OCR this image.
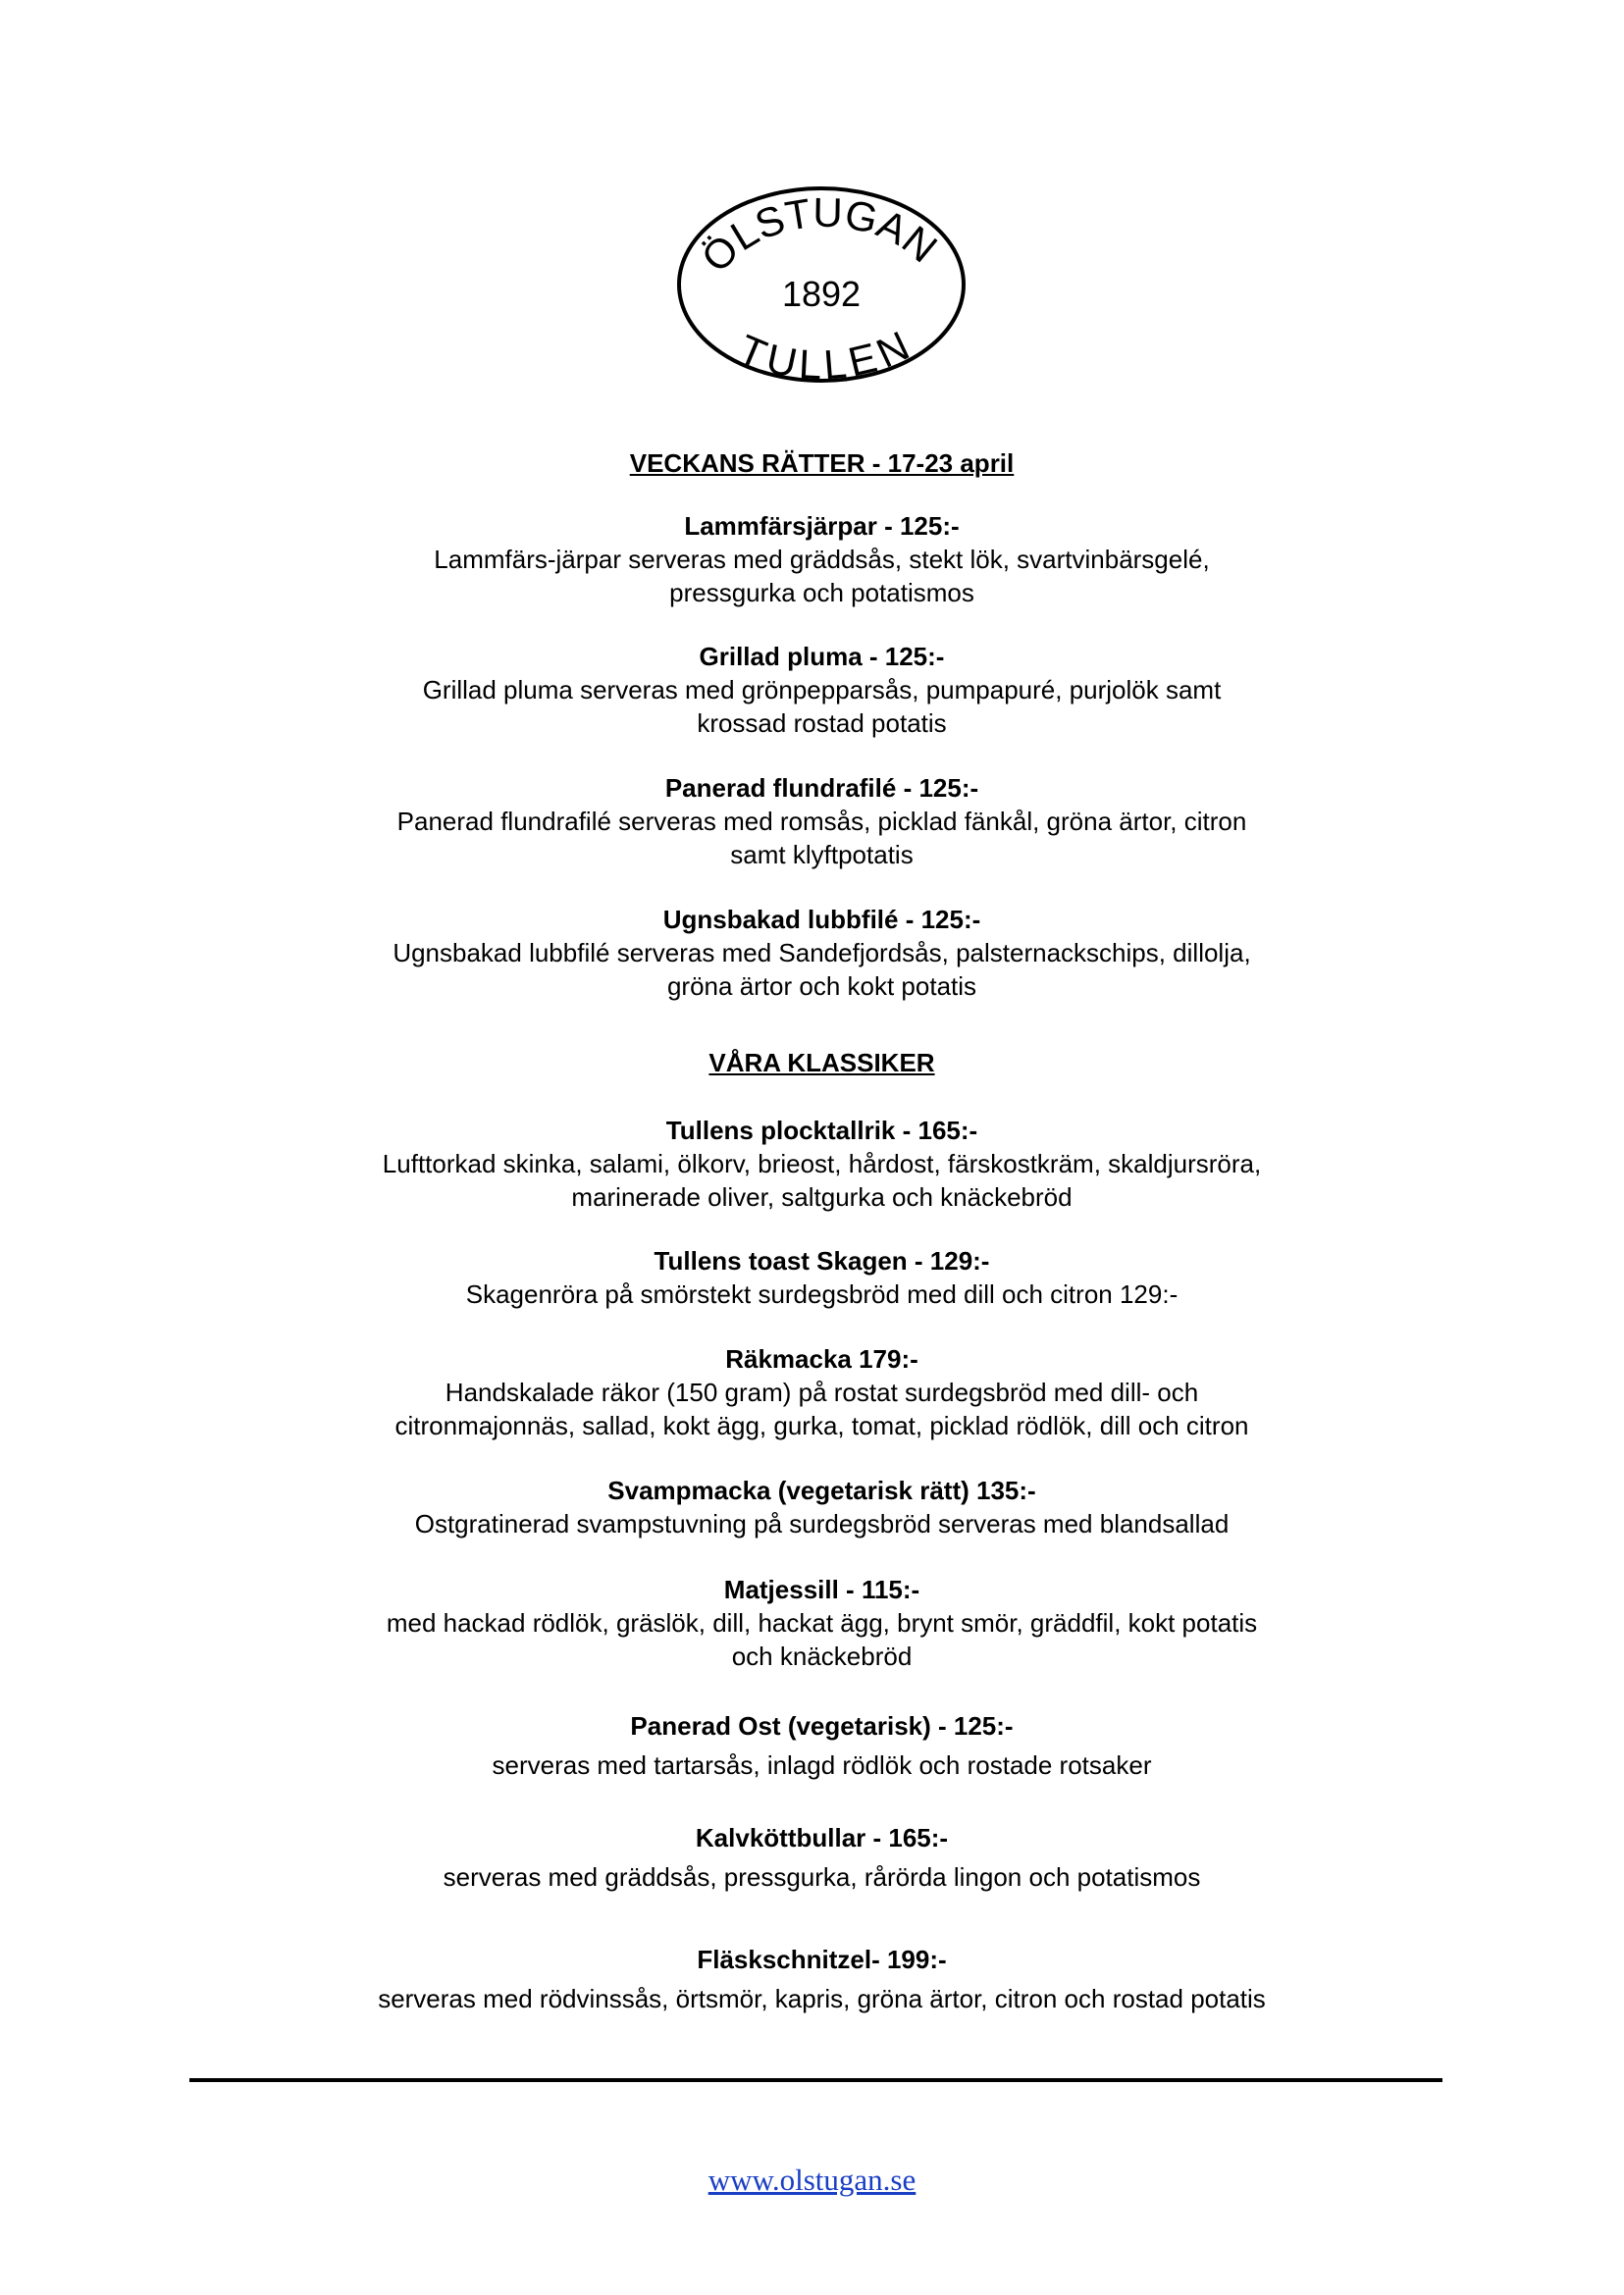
ÖLSTUGAN
1892
TULLEN
VECKANS RÄTTER - 17-23 april
Lammfärsjärpar - 125:-
Lammfärs-järpar serveras med gräddsås, stekt lök, svartvinbärsgelé,
pressgurka och potatismos
Grillad pluma - 125:-
Grillad pluma serveras med grönpepparsås, pumpapuré, purjolök samt
krossad rostad potatis
Panerad flundrafilé - 125:-
Panerad flundrafilé serveras med romsås, picklad fänkål, gröna ärtor, citron
samt klyftpotatis
Ugnsbakad lubbfilé - 125:-
Ugnsbakad lubbfilé serveras med Sandefjordsås, palsternackschips, dillolja,
gröna ärtor och kokt potatis
VÅRA KLASSIKER
Tullens plocktallrik - 165:-
Lufttorkad skinka, salami, ölkorv, brieost, hårdost, färskostkräm, skaldjursröra,
marinerade oliver, saltgurka och knäckebröd
Tullens toast Skagen - 129:-
Skagenröra på smörstekt surdegsbröd med dill och citron 129:-
Räkmacka 179:-
Handskalade räkor (150 gram) på rostat surdegsbröd med dill- och
citronmajonnäs, sallad, kokt ägg, gurka, tomat, picklad rödlök, dill och citron
Svampmacka (vegetarisk rätt) 135:-
Ostgratinerad svampstuvning på surdegsbröd serveras med blandsallad
Matjessill - 115:-
med hackad rödlök, gräslök, dill, hackat ägg, brynt smör, gräddfil, kokt potatis
och knäckebröd
Panerad Ost (vegetarisk) - 125:-
serveras med tartarsås, inlagd rödlök och rostade rotsaker
Kalvköttbullar - 165:-
serveras med gräddsås, pressgurka, rårörda lingon och potatismos
Fläskschnitzel- 199:-
serveras med rödvinssås, örtsmör, kapris, gröna ärtor, citron och rostad potatis
www.olstugan.se
